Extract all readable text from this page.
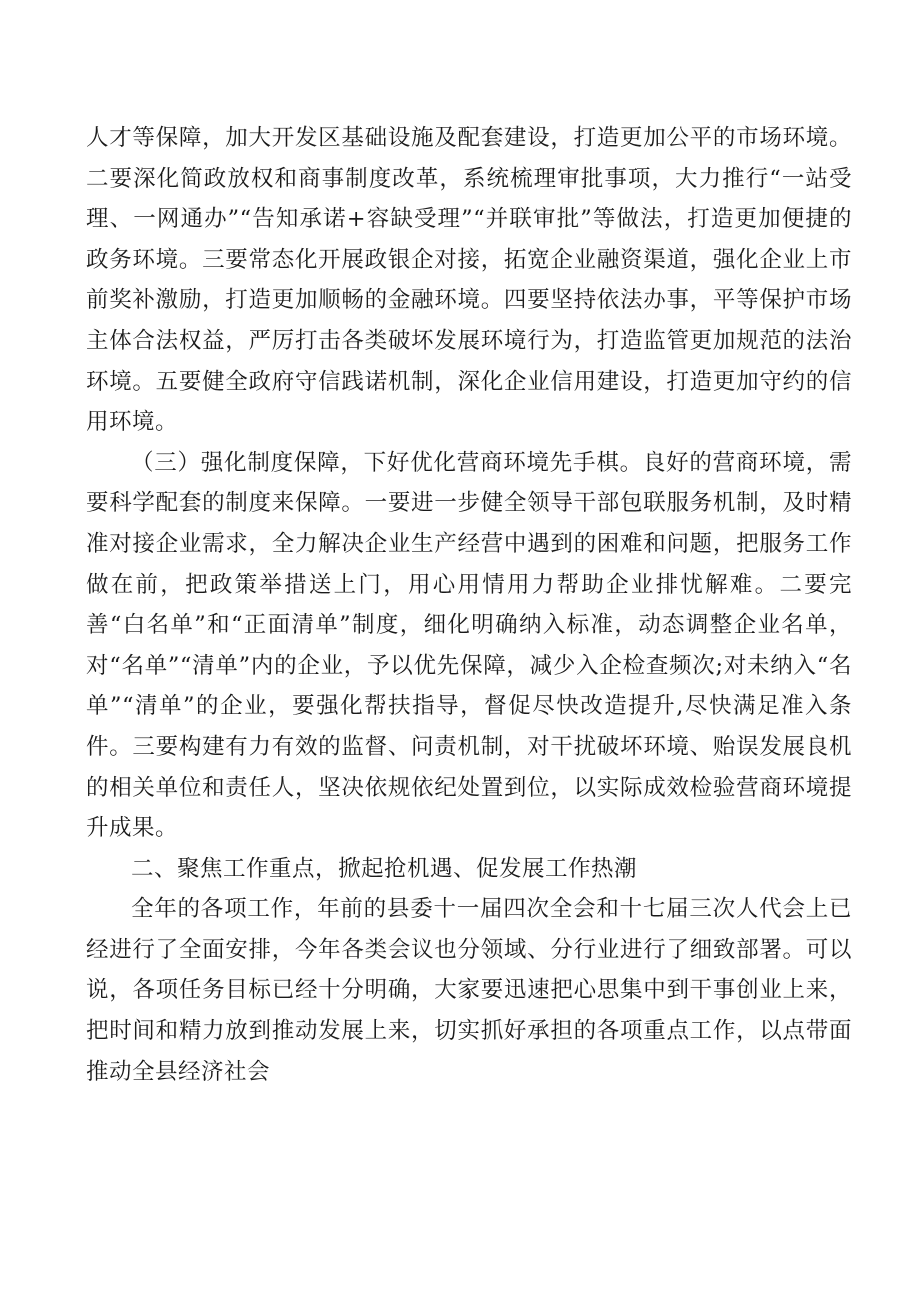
人才等保障，加大开发区基础设施及配套建设，打造更加公平的市场环境。二要深化简政放权和商事制度改革，系统梳理审批事项，大力推行“一站受理、一网通办”“告知承诺+容缺受理”“并联审批”等做法，打造更加便捷的政务环境。三要常态化开展政银企对接，拓宽企业融资渠道，强化企业上市前奖补激励，打造更加顺畅的金融环境。四要坚持依法办事，平等保护市场主体合法权益，严厉打击各类破坏发展环境行为，打造监管更加规范的法治环境。五要健全政府守信践诺机制，深化企业信用建设，打造更加守约的信用环境。

（三）强化制度保障，下好优化营商环境先手棋。良好的营商环境，需要科学配套的制度来保障。一要进一步健全领导干部包联服务机制，及时精准对接企业需求，全力解决企业生产经营中遇到的困难和问题，把服务工作做在前，把政策举措送上门，用心用情用力帮助企业排忧解难。二要完善“白名单”和“正面清单”制度，细化明确纳入标准，动态调整企业名单，对“名单”“清单”内的企业，予以优先保障，减少入企检查频次;对未纳入“名单”“清单”的企业，要强化帮扶指导，督促尽快改造提升,尽快满足准入条件。三要构建有力有效的监督、问责机制，对干扰破坏环境、贻误发展良机的相关单位和责任人，坚决依规依纪处置到位，以实际成效检验营商环境提升成果。

二、聚焦工作重点，掀起抢机遇、促发展工作热潮

全年的各项工作，年前的县委十一届四次全会和十七届三次人代会上已经进行了全面安排，今年各类会议也分领域、分行业进行了细致部署。可以说，各项任务目标已经十分明确，大家要迅速把心思集中到干事创业上来，把时间和精力放到推动发展上来，切实抓好承担的各项重点工作，以点带面推动全县经济社会
